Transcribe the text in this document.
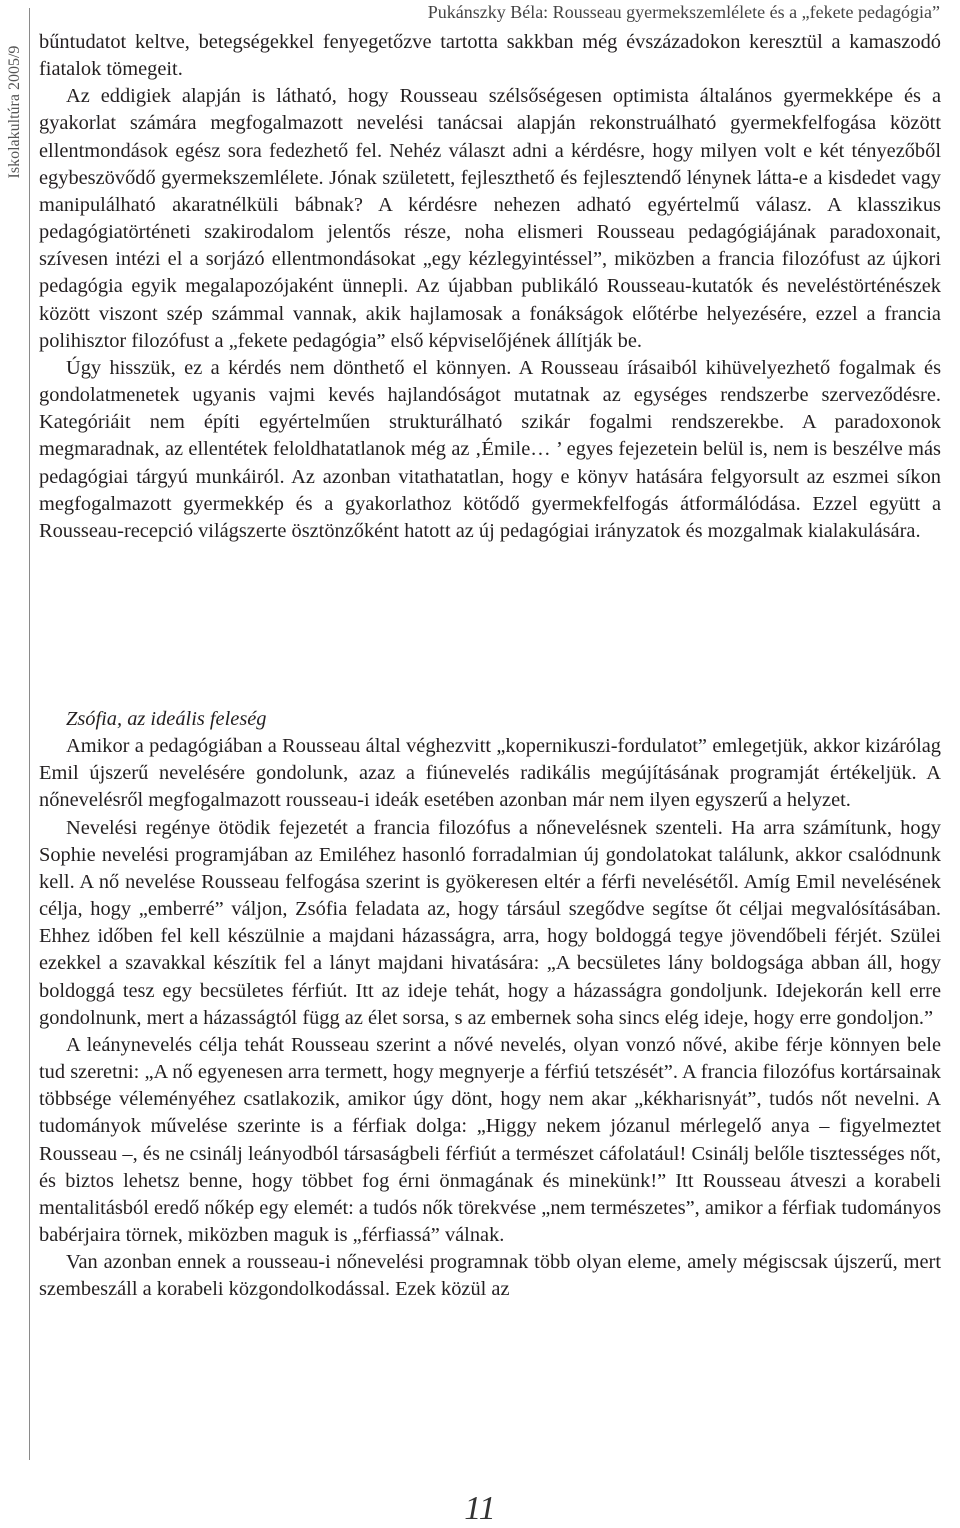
Iskolakultúra 2005/9
Pukánszky Béla: Rousseau gyermekszemlélete és a „fekete pedagógia”

bűntudatot keltve, betegségekkel fenyegetőzve tartotta sakkban még évszázadokon keresztül a kamaszodó fiatalok tömegeit.

Az eddigiek alapján is látható, hogy Rousseau szélsőségesen optimista általános gyermekképe és a gyakorlat számára megfogalmazott nevelési tanácsai alapján rekonstruálható gyermekfelfogása között ellentmondások egész sora fedezhető fel. Nehéz választ adni a kérdésre, hogy milyen volt e két tényezőből egybeszövődő gyermekszemlélete. Jónak született, fejleszthető és fejlesztendő lénynek látta-e a kisdedet vagy manipulálható akaratnélküli bábnak? A kérdésre nehezen adható egyértelmű válasz. A klasszikus pedagógiatörténeti szakirodalom jelentős része, noha elismeri Rousseau pedagógiájának paradoxonait, szívesen intézi el a sorjázó ellentmondásokat „egy kézlegyintéssel”, miközben a francia filozófust az újkori pedagógia egyik megalapozójaként ünnepli. Az újabban publikáló Rousseau-kutatók és neveléstörténészek között viszont szép számmal vannak, akik hajlamosak a fonákságok előtérbe helyezésére, ezzel a francia polihisztor filozófust a „fekete pedagógia” első képviselőjének állítják be.

Úgy hisszük, ez a kérdés nem dönthető el könnyen. A Rousseau írásaiból kihüvelyezhető fogalmak és gondolatmenetek ugyanis vajmi kevés hajlandóságot mutatnak az egységes rendszerbe szerveződésre. Kategóriáit nem építi egyértelműen strukturálható szikár fogalmi rendszerekbe. A paradoxonok megmaradnak, az ellentétek feloldhatatlanok még az ‚Émile… ’ egyes fejezetein belül is, nem is beszélve más pedagógiai tárgyú munkáiról. Az azonban vitathatatlan, hogy e könyv hatására felgyorsult az eszmei síkon megfogalmazott gyermekkép és a gyakorlathoz kötődő gyermekfelfogás átformálódása. Ezzel együtt a Rousseau-recepció világszerte ösztönzőként hatott az új pedagógiai irányzatok és mozgalmak kialakulására.

Zsófia, az ideális feleség

Amikor a pedagógiában a Rousseau által véghezvitt „kopernikuszi-fordulatot” emlegetjük, akkor kizárólag Emil újszerű nevelésére gondolunk, azaz a fiúnevelés radikális megújításának programját értékeljük. A nőnevelésről megfogalmazott rousseau-i ideák esetében azonban már nem ilyen egyszerű a helyzet.

Nevelési regénye ötödik fejezetét a francia filozófus a nőnevelésnek szenteli. Ha arra számítunk, hogy Sophie nevelési programjában az Emiléhez hasonló forradalmian új gondolatokat találunk, akkor csalódnunk kell. A nő nevelése Rousseau felfogása szerint is gyökeresen eltér a férfi nevelésétől. Amíg Emil nevelésének célja, hogy „emberré” váljon, Zsófia feladata az, hogy társául szegődve segítse őt céljai megvalósításában. Ehhez időben fel kell készülnie a majdani házasságra, arra, hogy boldoggá tegye jövendőbeli férjét. Szülei ezekkel a szavakkal készítik fel a lányt majdani hivatására: „A becsületes lány boldogsága abban áll, hogy boldoggá tesz egy becsületes férfiút. Itt az ideje tehát, hogy a házasságra gondoljunk. Idejekorán kell erre gondolnunk, mert a házasságtól függ az élet sorsa, s az embernek soha sincs elég ideje, hogy erre gondoljon.”

A leánynevelés célja tehát Rousseau szerint a nővé nevelés, olyan vonzó nővé, akibe férje könnyen bele tud szeretni: „A nő egyenesen arra termett, hogy megnyerje a férfiú tetszését”. A francia filozófus kortársainak többsége véleményéhez csatlakozik, amikor úgy dönt, hogy nem akar „kékharisnyát”, tudós nőt nevelni. A tudományok művelése szerinte is a férfiak dolga: „Higgy nekem józanul mérlegelő anya – figyelmeztet Rousseau –, és ne csinálj leányodból társaságbeli férfiút a természet cáfolatául! Csinálj belőle tisztességes nőt, és biztos lehetsz benne, hogy többet fog érni önmagának és minekünk!” Itt Rousseau átveszi a korabeli mentalitásból eredő nőkép egy elemét: a tudós nők törekvése „nem természetes”, amikor a férfiak tudományos babérjaira törnek, miközben maguk is „férfiassá” válnak.

Van azonban ennek a rousseau-i nőnevelési programnak több olyan eleme, amely mégiscsak újszerű, mert szembeszáll a korabeli közgondolkodással. Ezek közül az

11
